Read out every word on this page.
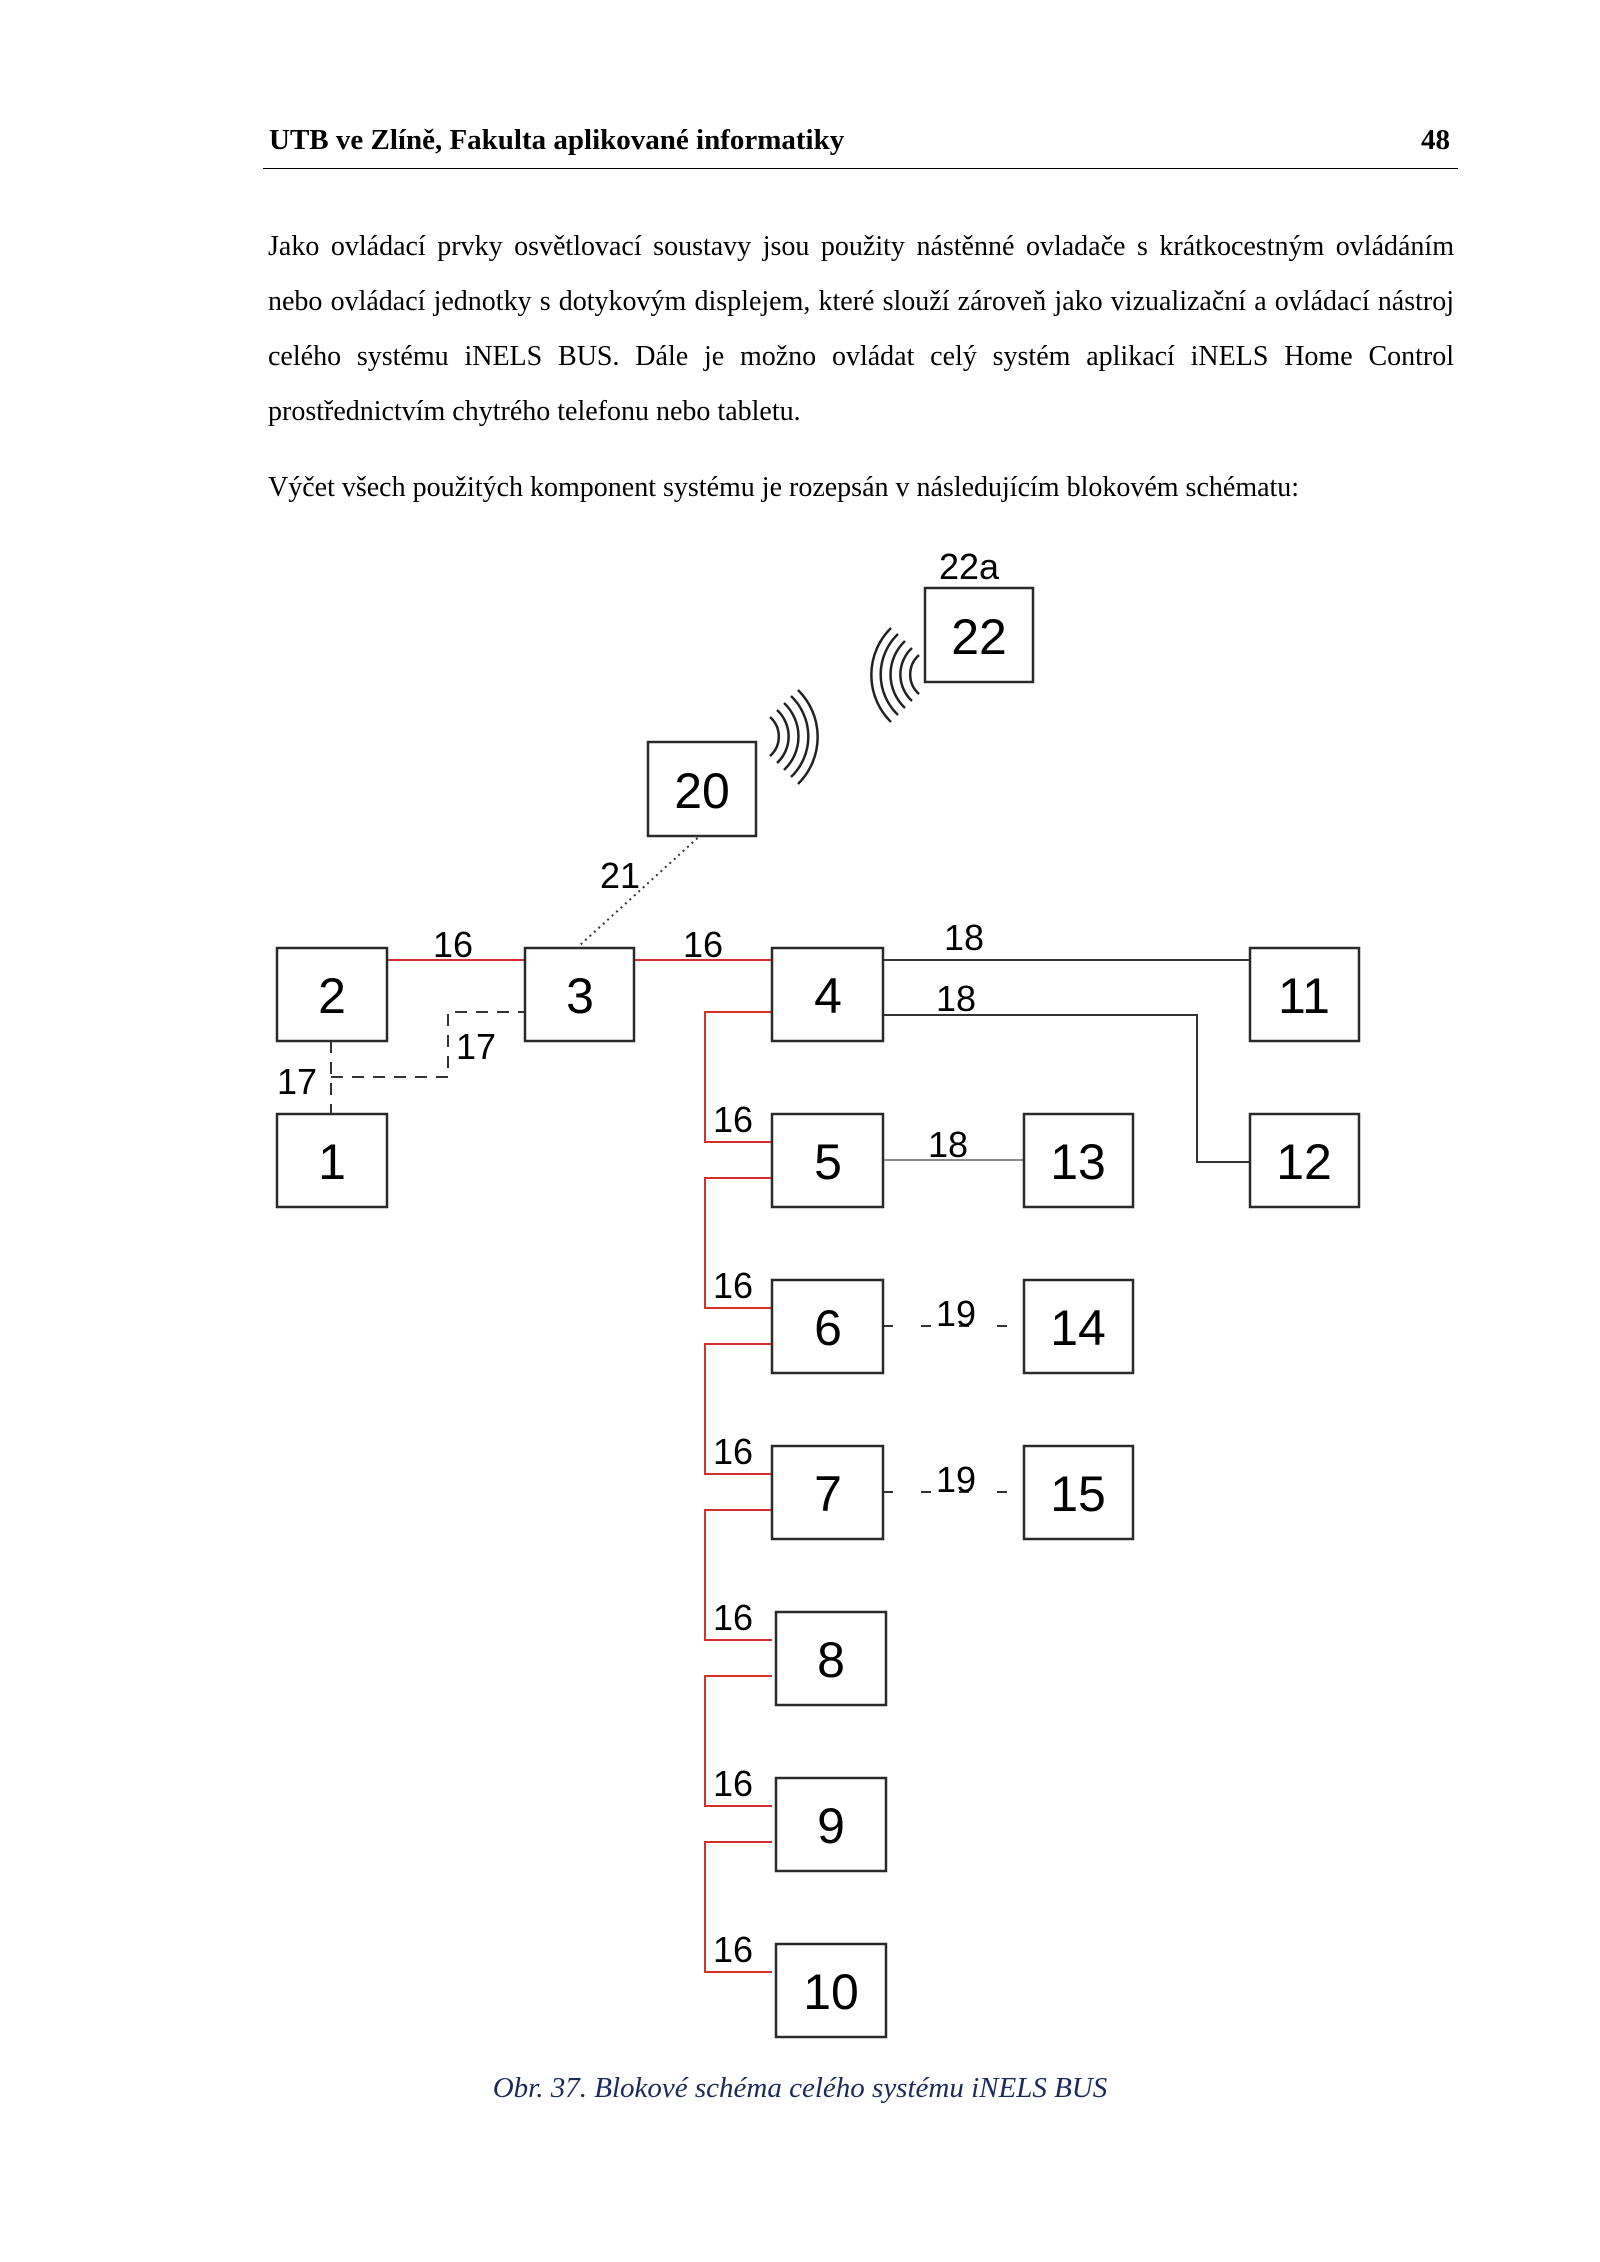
UTB ve Zlíně, Fakulta aplikované informatiky	48

Jako ovládací prvky osvětlovací soustavy jsou použity nástěnné ovladače s krátkocestným ovládáním nebo ovládací jednotky s dotykovým displejem, které slouží zároveň jako vizualizační a ovládací nástroj celého systému iNELS BUS. Dále je možno ovládat celý systém aplikací iNELS Home Control prostřednictvím chytrého telefonu nebo tabletu.

Výčet všech použitých komponent systému je rozepsán v následujícím blokovém schématu:

22
20
2	3	4	11
1	5	13	12
6	14
7	15
8
9
10
22a
21
16	16	18
18
17
17
16
18
16
19
16
19
16
16
16
Obr. 37. Blokové schéma celého systému iNELS BUS
